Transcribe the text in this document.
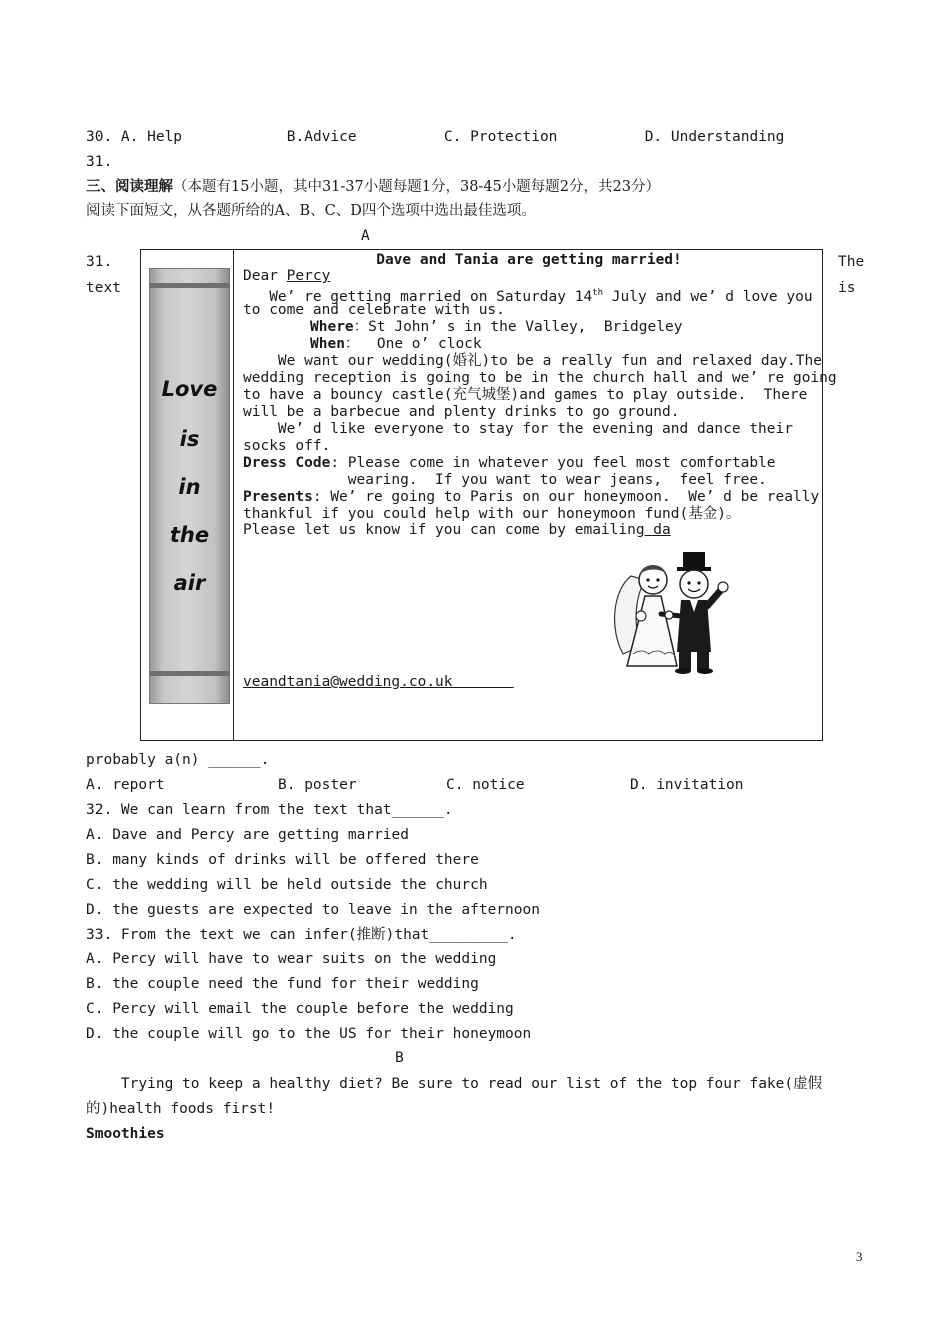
30. A. Help            B.Advice          C. Protection          D. Understanding
31.
三、阅读理解（本题有15小题，其中31-37小题每题1分，38-45小题每题2分，共23分）
阅读下面短文，从各题所给的A、B、C、D四个选项中选出最佳选项。
A
31.
text
The
is
Love
is
in
the
air
Dave and Tania are getting married!
Dear Percy
We’ re getting married on Saturday 14th July and we’ d love you
to come and celebrate with us.
Where：St John’ s in the Valley,  Bridgeley
When：  One o’ clock
We want our wedding(婚礼)to be a really fun and relaxed day.The
wedding reception is going to be in the church hall and we’ re going
to have a bouncy castle(充气城堡)and games to play outside.  There
will be a barbecue and plenty drinks to go ground.
We’ d like everyone to stay for the evening and dance their
socks off.
Dress Code: Please come in whatever you feel most comfortable
wearing.  If you want to wear jeans,  feel free.
Presents: We’ re going to Paris on our honeymoon.  We’ d be really
thankful if you could help with our honeymoon fund(基金)。
Please let us know if you can come by emailing da
veandtania@wedding.co.uk
probably a(n) ______.
A. report	B. poster	C. notice	D. invitation
32. We can learn from the text that______.
A. Dave and Percy are getting married
B. many kinds of drinks will be offered there
C. the wedding will be held outside the church
D. the guests are expected to leave in the afternoon
33. From the text we can infer(推断)that_________.
A. Percy will have to wear suits on the wedding
B. the couple need the fund for their wedding
C. Percy will email the couple before the wedding
D. the couple will go to the US for their honeymoon
B
Trying to keep a healthy diet? Be sure to read our list of the top four fake(虚假
的)health foods first!
Smoothies
3
